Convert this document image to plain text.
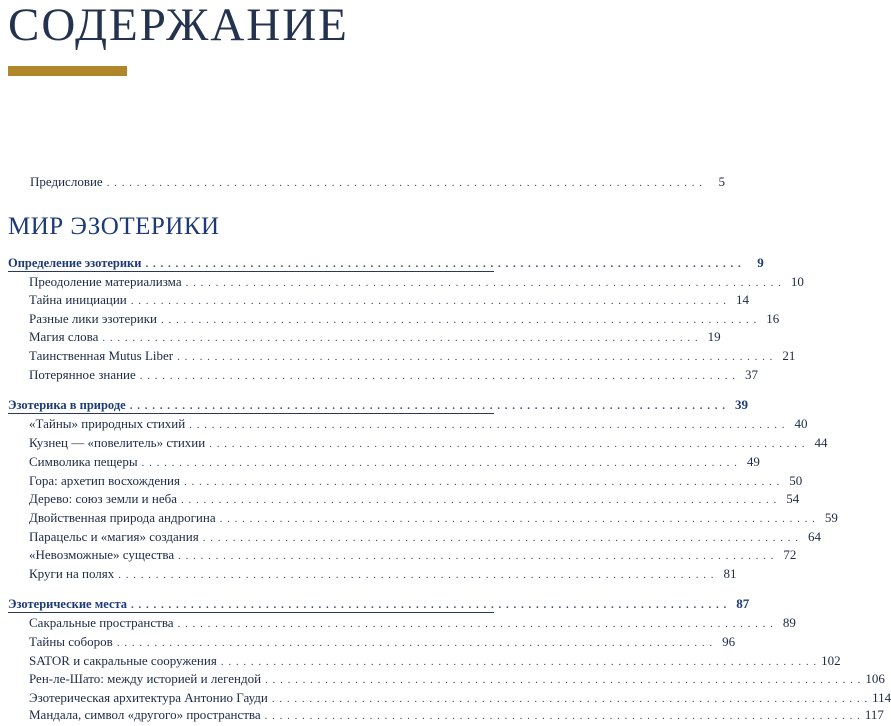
СОДЕРЖАНИЕ
Предисловие . . . . . . . . . . . . . . . . . . . . . . . . . . . . . . . . . . . . . . . . . . . . . . . . . . . . . . . . . . . . . . . . . . . . . . . . . . . . . . . .	5
МИР ЭЗОТЕРИКИ
Определение эзотерики . . . . . . . . . . . . . . . . . . . . . . . . . . . . . . . . . . . . . . . . . . . . . . . . . . . . . . . . . . . . . . . . . . . . . . . . . . . . . . . .	9
Преодоление материализма . . . . . . . . . . . . . . . . . . . . . . . . . . . . . . . . . . . . . . . . . . . . . . . . . . . . . . . . . . . . . . . . . . . . . . . . . . . . . . . . 10
Тайна инициации . . . . . . . . . . . . . . . . . . . . . . . . . . . . . . . . . . . . . . . . . . . . . . . . . . . . . . . . . . . . . . . . . . . . . . . . . . . . . . . . 14
Разные лики эзотерики . . . . . . . . . . . . . . . . . . . . . . . . . . . . . . . . . . . . . . . . . . . . . . . . . . . . . . . . . . . . . . . . . . . . . . . . . . . . . . . . 16
Магия слова . . . . . . . . . . . . . . . . . . . . . . . . . . . . . . . . . . . . . . . . . . . . . . . . . . . . . . . . . . . . . . . . . . . . . . . . . . . . . . . . 19
Таинственная Mutus Liber . . . . . . . . . . . . . . . . . . . . . . . . . . . . . . . . . . . . . . . . . . . . . . . . . . . . . . . . . . . . . . . . . . . . . . . . . . . . . . . . 21
Потерянное знание . . . . . . . . . . . . . . . . . . . . . . . . . . . . . . . . . . . . . . . . . . . . . . . . . . . . . . . . . . . . . . . . . . . . . . . . . . . . . . . . 37
Эзотерика в природе . . . . . . . . . . . . . . . . . . . . . . . . . . . . . . . . . . . . . . . . . . . . . . . . . . . . . . . . . . . . . . . . . . . . . . . . . . . . . . . . 39
«Тайны» природных стихий . . . . . . . . . . . . . . . . . . . . . . . . . . . . . . . . . . . . . . . . . . . . . . . . . . . . . . . . . . . . . . . . . . . . . . . . . . . . . . . . 40
Кузнец — «повелитель» стихии . . . . . . . . . . . . . . . . . . . . . . . . . . . . . . . . . . . . . . . . . . . . . . . . . . . . . . . . . . . . . . . . . . . . . . . . . . . . . . . . 44
Символика пещеры . . . . . . . . . . . . . . . . . . . . . . . . . . . . . . . . . . . . . . . . . . . . . . . . . . . . . . . . . . . . . . . . . . . . . . . . . . . . . . . . 49
Гора: архетип восхождения . . . . . . . . . . . . . . . . . . . . . . . . . . . . . . . . . . . . . . . . . . . . . . . . . . . . . . . . . . . . . . . . . . . . . . . . . . . . . . . . 50
Дерево: союз земли и неба . . . . . . . . . . . . . . . . . . . . . . . . . . . . . . . . . . . . . . . . . . . . . . . . . . . . . . . . . . . . . . . . . . . . . . . . . . . . . . . . 54
Двойственная природа андрогина . . . . . . . . . . . . . . . . . . . . . . . . . . . . . . . . . . . . . . . . . . . . . . . . . . . . . . . . . . . . . . . . . . . . . . . . . . . . . . . . 59
Парацельс и «магия» создания . . . . . . . . . . . . . . . . . . . . . . . . . . . . . . . . . . . . . . . . . . . . . . . . . . . . . . . . . . . . . . . . . . . . . . . . . . . . . . . . 64
«Невозможные» существа . . . . . . . . . . . . . . . . . . . . . . . . . . . . . . . . . . . . . . . . . . . . . . . . . . . . . . . . . . . . . . . . . . . . . . . . . . . . . . . . 72
Круги на полях . . . . . . . . . . . . . . . . . . . . . . . . . . . . . . . . . . . . . . . . . . . . . . . . . . . . . . . . . . . . . . . . . . . . . . . . . . . . . . . . 81
Эзотерические места . . . . . . . . . . . . . . . . . . . . . . . . . . . . . . . . . . . . . . . . . . . . . . . . . . . . . . . . . . . . . . . . . . . . . . . . . . . . . . . . 87
Сакральные пространства . . . . . . . . . . . . . . . . . . . . . . . . . . . . . . . . . . . . . . . . . . . . . . . . . . . . . . . . . . . . . . . . . . . . . . . . . . . . . . . . 89
Тайны соборов . . . . . . . . . . . . . . . . . . . . . . . . . . . . . . . . . . . . . . . . . . . . . . . . . . . . . . . . . . . . . . . . . . . . . . . . . . . . . . . . 96
SATOR и сакральные сооружения . . . . . . . . . . . . . . . . . . . . . . . . . . . . . . . . . . . . . . . . . . . . . . . . . . . . . . . . . . . . . . . . . . . . . . . . . . . . . . . . 102
Рен-ле-Шато: между историей и легендой . . . . . . . . . . . . . . . . . . . . . . . . . . . . . . . . . . . . . . . . . . . . . . . . . . . . . . . . . . . . . . . . . . . . . . . . . . . . . . . . 106
Эзотерическая архитектура Антонио Гауди . . . . . . . . . . . . . . . . . . . . . . . . . . . . . . . . . . . . . . . . . . . . . . . . . . . . . . . . . . . . . . . . . . . . . . . . . . . . . . . . 114
Мандала, символ «другого» пространства . . . . . . . . . . . . . . . . . . . . . . . . . . . . . . . . . . . . . . . . . . . . . . . . . . . . . . . . . . . . . . . . . . . . . . . . . . . . . . . . 117
